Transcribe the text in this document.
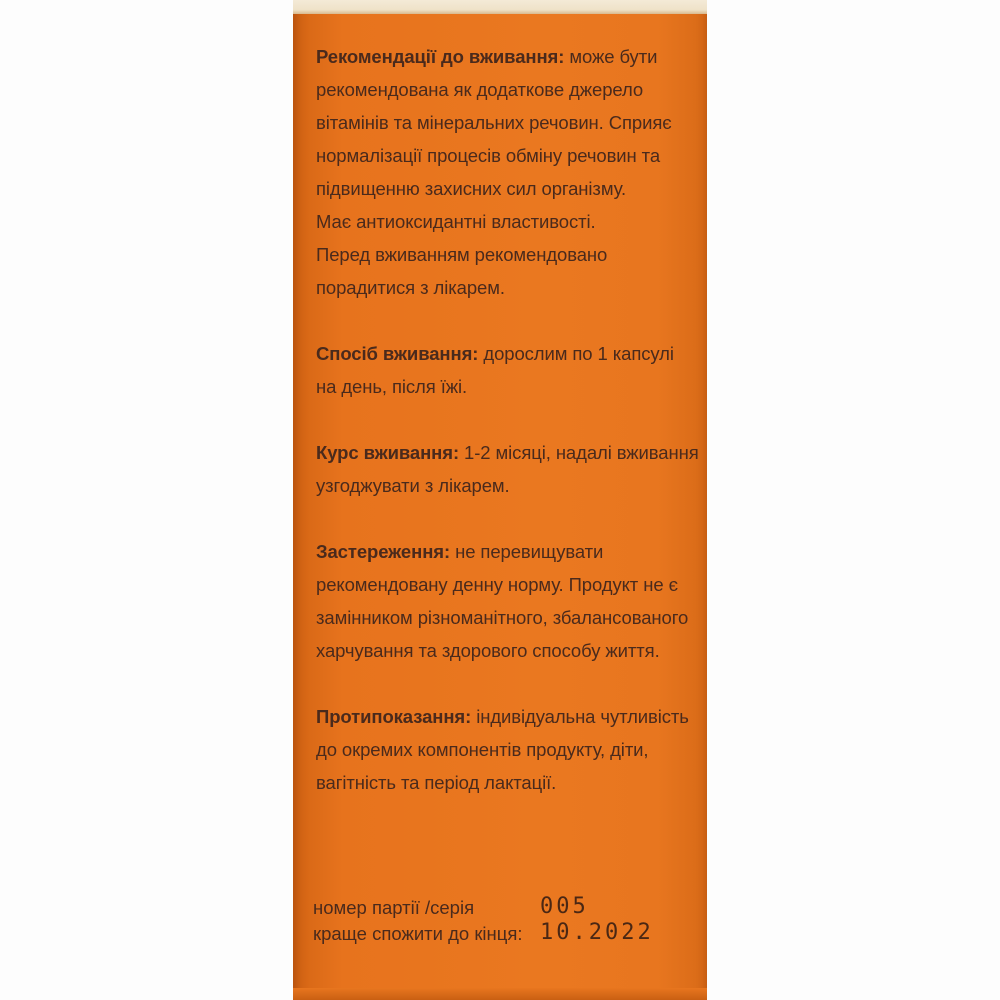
Рекомендації до вживання: може бути
рекомендована як додаткове джерело
вітамінів та мінеральних речовин. Сприяє
нормалізації процесів обміну речовин та
підвищенню захисних сил організму.
Має антиоксидантні властивості.
Перед вживанням рекомендовано
порадитися з лікарем.

Спосіб вживання: дорослим по 1 капсулі
на день, після їжі.

Курс вживання: 1-2 місяці, надалі вживання
узгоджувати з лікарем.

Застереження: не перевищувати
рекомендовану денну норму. Продукт не є
замінником різноманітного, збалансованого
харчування та здорового способу життя.

Протипоказання: індивідуальна чутливість
до окремих компонентів продукту, діти,
вагітність та період лактації.

номер партії /серія
краще спожити до кінця:
005
10.2022
